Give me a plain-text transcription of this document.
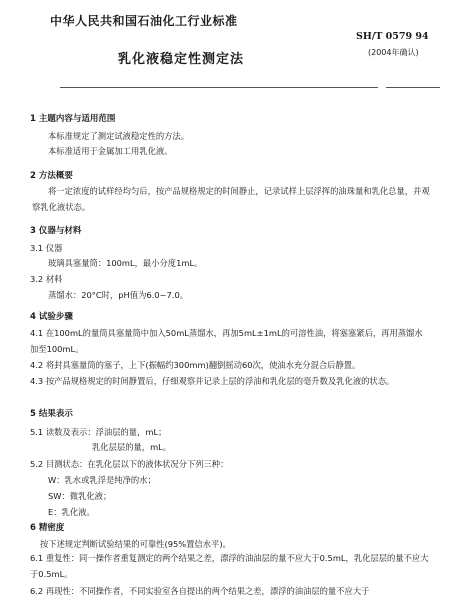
中华人民共和国石油化工行业标准
SH/T 0579 94
(2004年确认)
乳化液稳定性测定法
1 主题内容与适用范围
本标准规定了测定试液稳定性的方法。
本标准适用于金属加工用乳化液。
2 方法概要
将一定浓度的试样经均匀后，按产品规格规定的时间静止，记录试样上层浮挥的油珠量和乳化总量，并观察乳化液状态。
3 仪器与材料
3.1 仪器
玻璃具塞量筒：100mL，最小分度1mL。
3.2 材料
蒸馏水：20°C时，pH值为6.0~7.0。
4 试验步骤
4.1 在100mL的量筒具塞量筒中加入50mL蒸馏水，再加5mL±1mL的可溶性油，将塞塞紧后，再用蒸馏水加至100mL。
4.2 将封具塞量筒的塞子，上下(振幅约300mm)翻倒摇动60次，使油水充分混合后静置。
4.3 按产品规格规定的时间静置后，仔细观察并记录上层的浮油和乳化层的毫升数及乳化液的状态。
5 结果表示
5.1 读数及表示：浮油层的量，mL；
乳化层层的量，mL。
5.2 目测状态：在乳化层以下的液体状况分下列三种：
W：乳水或乳浮是纯净的水；
SW：微乳化液；
E：乳化液。
6 精密度
按下述规定判断试验结果的可靠性(95%置信水平)。
6.1 重复性：同一操作者重复测定的两个结果之差，漂浮的油油层的量不应大于0.5mL，乳化层层的量不应大于0.5mL。
6.2 再现性：不同操作者，不同实验室各自提出的两个结果之差，漂浮的油油层的量不应大于
